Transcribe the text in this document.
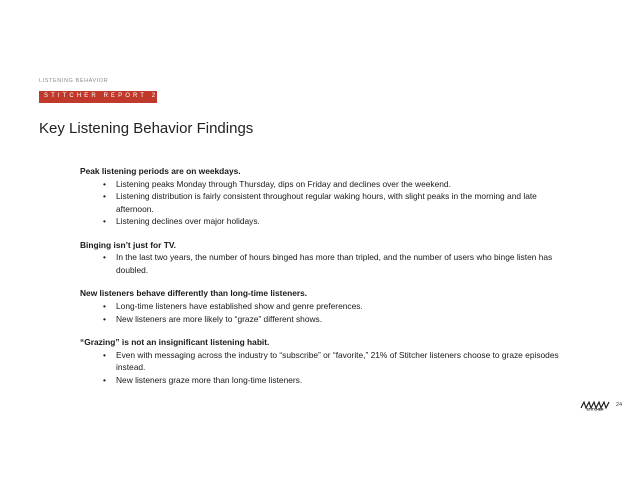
LISTENING BEHAVIOR
STITCHER REPORT 2020
Key Listening Behavior Findings
Peak listening periods are on weekdays.
• Listening peaks Monday through Thursday, dips on Friday and declines over the weekend.
• Listening distribution is fairly consistent throughout regular waking hours, with slight peaks in the morning and late afternoon.
• Listening declines over major holidays.
Binging isn’t just for TV.
• In the last two years, the number of hours binged has more than tripled, and the number of users who binge listen has doubled.
New listeners behave differently than long-time listeners.
• Long-time listeners have established show and genre preferences.
• New listeners are more likely to “graze” different shows.
“Grazing” is not an insignificant listening habit.
• Even with messaging across the industry to “subscribe” or “favorite,” 21% of Stitcher listeners choose to graze episodes instead.
• New listeners graze more than long-time listeners.
STITCHER
24
